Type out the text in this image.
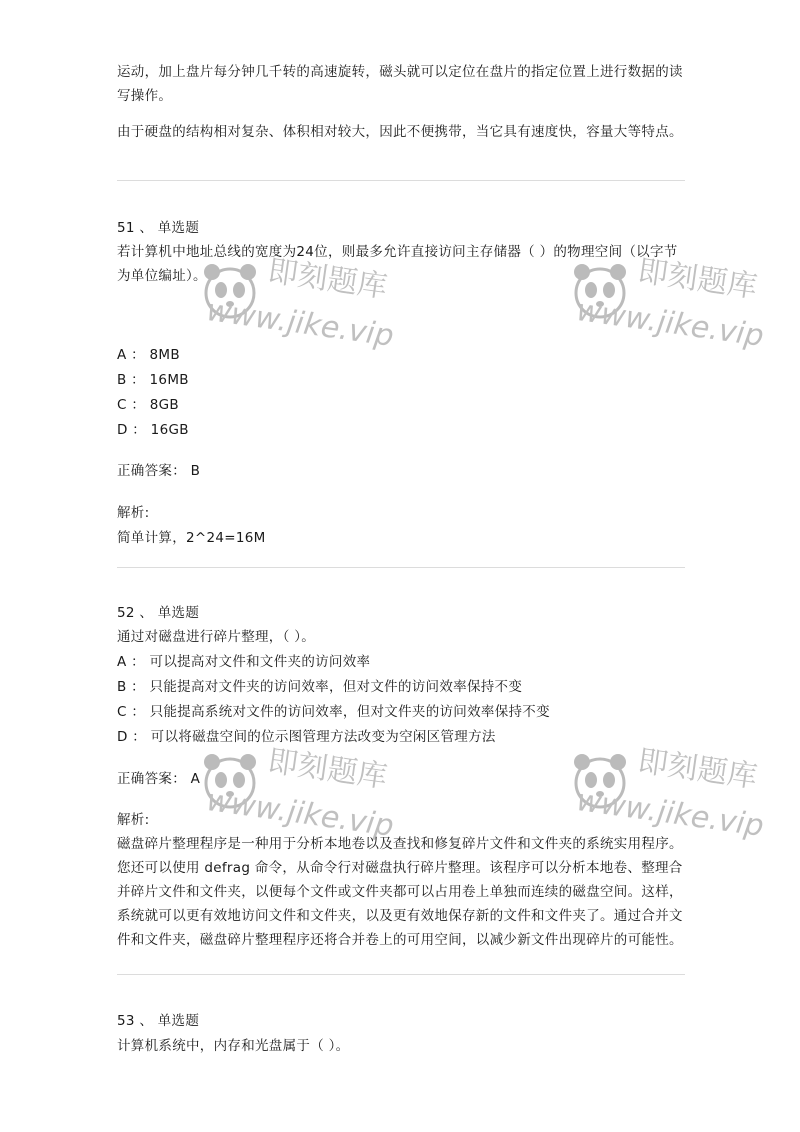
运动，加上盘片每分钟几千转的高速旋转，磁头就可以定位在盘片的指定位置上进行数据的读写操作。

由于硬盘的结构相对复杂、体积相对较大，因此不便携带，当它具有速度快，容量大等特点。

51 、 单选题

若计算机中地址总线的宽度为24位，则最多允许直接访问主存储器（ ）的物理空间（以字节为单位编址）。

A ： 8MB
B ： 16MB
C ： 8GB
D ： 16GB
正确答案： B
解析:
简单计算，2^24=16M
52 、 单选题

通过对磁盘进行碎片整理，（ ）。

A ： 可以提高对文件和文件夹的访问效率
B ： 只能提高对文件夹的访问效率，但对文件的访问效率保持不变
C ： 只能提高系统对文件的访问效率，但对文件夹的访问效率保持不变
D ： 可以将磁盘空间的位示图管理方法改变为空闲区管理方法
正确答案： A
解析:

磁盘碎片整理程序是一种用于分析本地卷以及查找和修复碎片文件和文件夹的系统实用程序。您还可以使用 defrag 命令，从命令行对磁盘执行碎片整理。该程序可以分析本地卷、整理合并碎片文件和文件夹，以便每个文件或文件夹都可以占用卷上单独而连续的磁盘空间。这样，系统就可以更有效地访问文件和文件夹，以及更有效地保存新的文件和文件夹了。通过合并文件和文件夹，磁盘碎片整理程序还将合并卷上的可用空间，以减少新文件出现碎片的可能性。

53 、 单选题

计算机系统中，内存和光盘属于（ ）。

即刻题库
www.jike.vip
即刻题库
www.jike.vip
即刻题库
www.jike.vip
即刻题库
www.jike.vip
